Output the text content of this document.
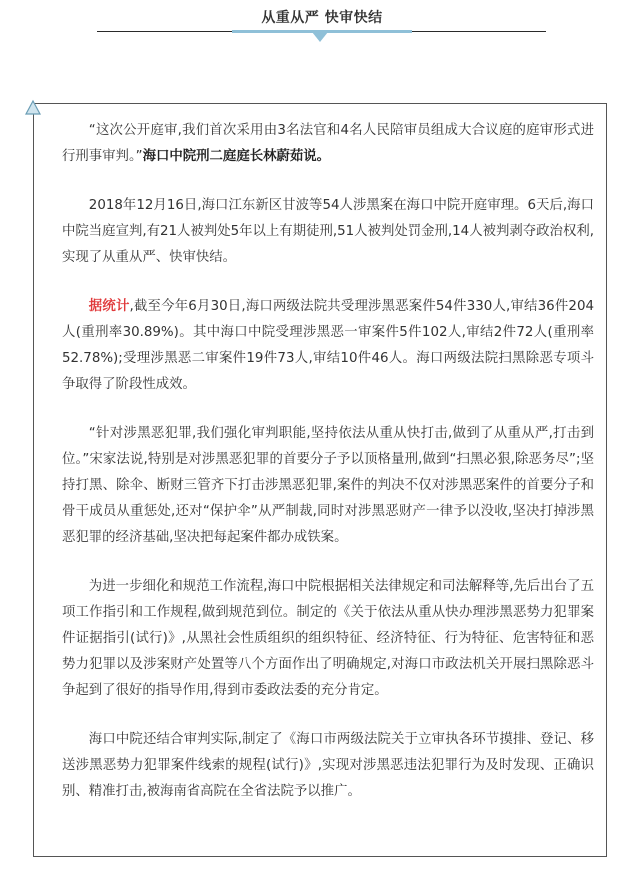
从重从严 快审快结

“这次公开庭审,我们首次采用由3名法官和4名人民陪审员组成大合议庭的庭审形式进行刑事审判。”海口中院刑二庭庭长林蔚茹说。

2018年12月16日,海口江东新区甘波等54人涉黑案在海口中院开庭审理。6天后,海口中院当庭宣判,有21人被判处5年以上有期徒刑,51人被判处罚金刑,14人被判剥夺政治权利,实现了从重从严、快审快结。

据统计,截至今年6月30日,海口两级法院共受理涉黑恶案件54件330人,审结36件204人(重刑率30.89%)。其中海口中院受理涉黑恶一审案件5件102人,审结2件72人(重刑率52.78%);受理涉黑恶二审案件19件73人,审结10件46人。海口两级法院扫黑除恶专项斗争取得了阶段性成效。

“针对涉黑恶犯罪,我们强化审判职能,坚持依法从重从快打击,做到了从重从严,打击到位。”宋家法说,特别是对涉黑恶犯罪的首要分子予以顶格量刑,做到“扫黑必狠,除恶务尽”;坚持打黑、除伞、断财三管齐下打击涉黑恶犯罪,案件的判决不仅对涉黑恶案件的首要分子和骨干成员从重惩处,还对“保护伞”从严制裁,同时对涉黑恶财产一律予以没收,坚决打掉涉黑恶犯罪的经济基础,坚决把每起案件都办成铁案。

为进一步细化和规范工作流程,海口中院根据相关法律规定和司法解释等,先后出台了五项工作指引和工作规程,做到规范到位。制定的《关于依法从重从快办理涉黑恶势力犯罪案件证据指引(试行)》,从黑社会性质组织的组织特征、经济特征、行为特征、危害特征和恶势力犯罪以及涉案财产处置等八个方面作出了明确规定,对海口市政法机关开展扫黑除恶斗争起到了很好的指导作用,得到市委政法委的充分肯定。

海口中院还结合审判实际,制定了《海口市两级法院关于立审执各环节摸排、登记、移送涉黑恶势力犯罪案件线索的规程(试行)》,实现对涉黑恶违法犯罪行为及时发现、正确识别、精准打击,被海南省高院在全省法院予以推广。
